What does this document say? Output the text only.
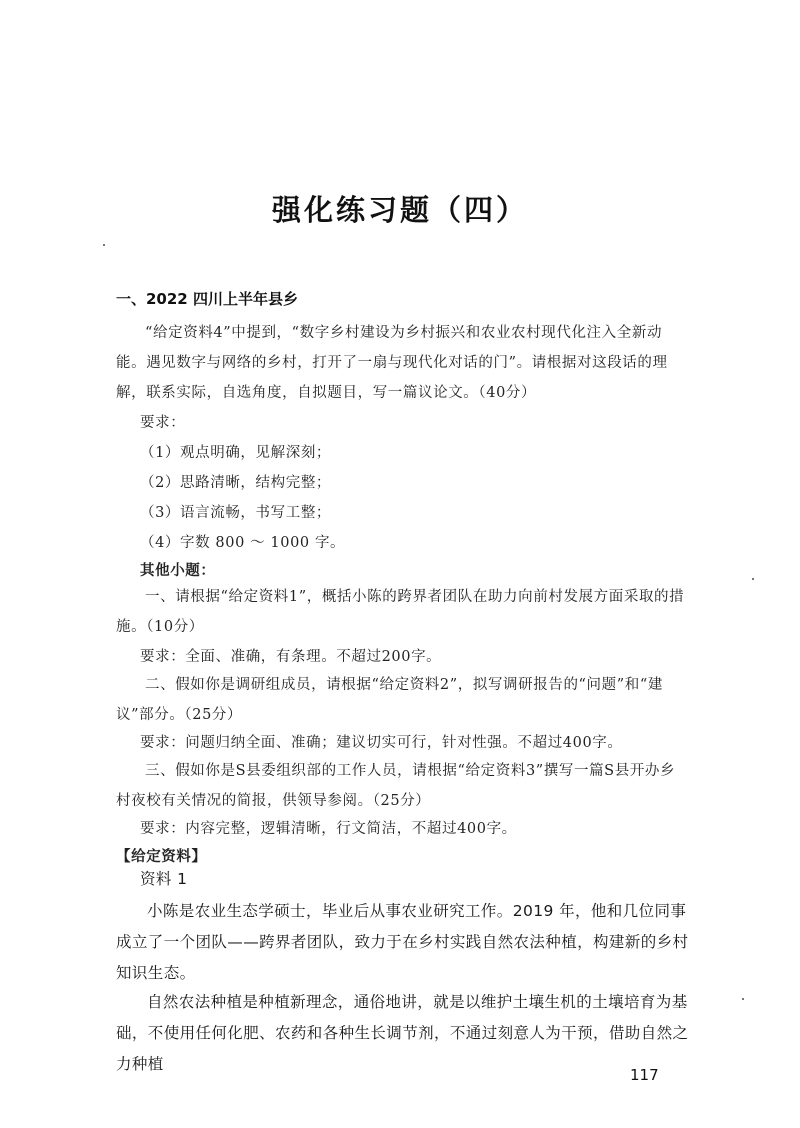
强化练习题（四）
一、2022 四川上半年县乡
“给定资料4”中提到，“数字乡村建设为乡村振兴和农业农村现代化注入全新动能。遇见数字与网络的乡村，打开了一扇与现代化对话的门”。请根据对这段话的理解，联系实际，自选角度，自拟题目，写一篇议论文。（40分）
要求：
（1）观点明确，见解深刻；
（2）思路清晰，结构完整；
（3）语言流畅，书写工整；
（4）字数 800 ～ 1000 字。
其他小题：
一、请根据“给定资料1”，概括小陈的跨界者团队在助力向前村发展方面采取的措施。（10分）
要求：全面、准确，有条理。不超过200字。
二、假如你是调研组成员，请根据“给定资料2”，拟写调研报告的“问题”和“建议”部分。（25分）
要求：问题归纳全面、准确；建议切实可行，针对性强。不超过400字。
三、假如你是S县委组织部的工作人员，请根据“给定资料3”撰写一篇S县开办乡村夜校有关情况的简报，供领导参阅。（25分）
要求：内容完整，逻辑清晰，行文简洁，不超过400字。
【给定资料】
资料 1
小陈是农业生态学硕士，毕业后从事农业研究工作。2019 年，他和几位同事成立了一个团队——跨界者团队，致力于在乡村实践自然农法种植，构建新的乡村知识生态。
自然农法种植是种植新理念，通俗地讲，就是以维护土壤生机的土壤培育为基础，不使用任何化肥、农药和各种生长调节剂，不通过刻意人为干预，借助自然之力种植
117
